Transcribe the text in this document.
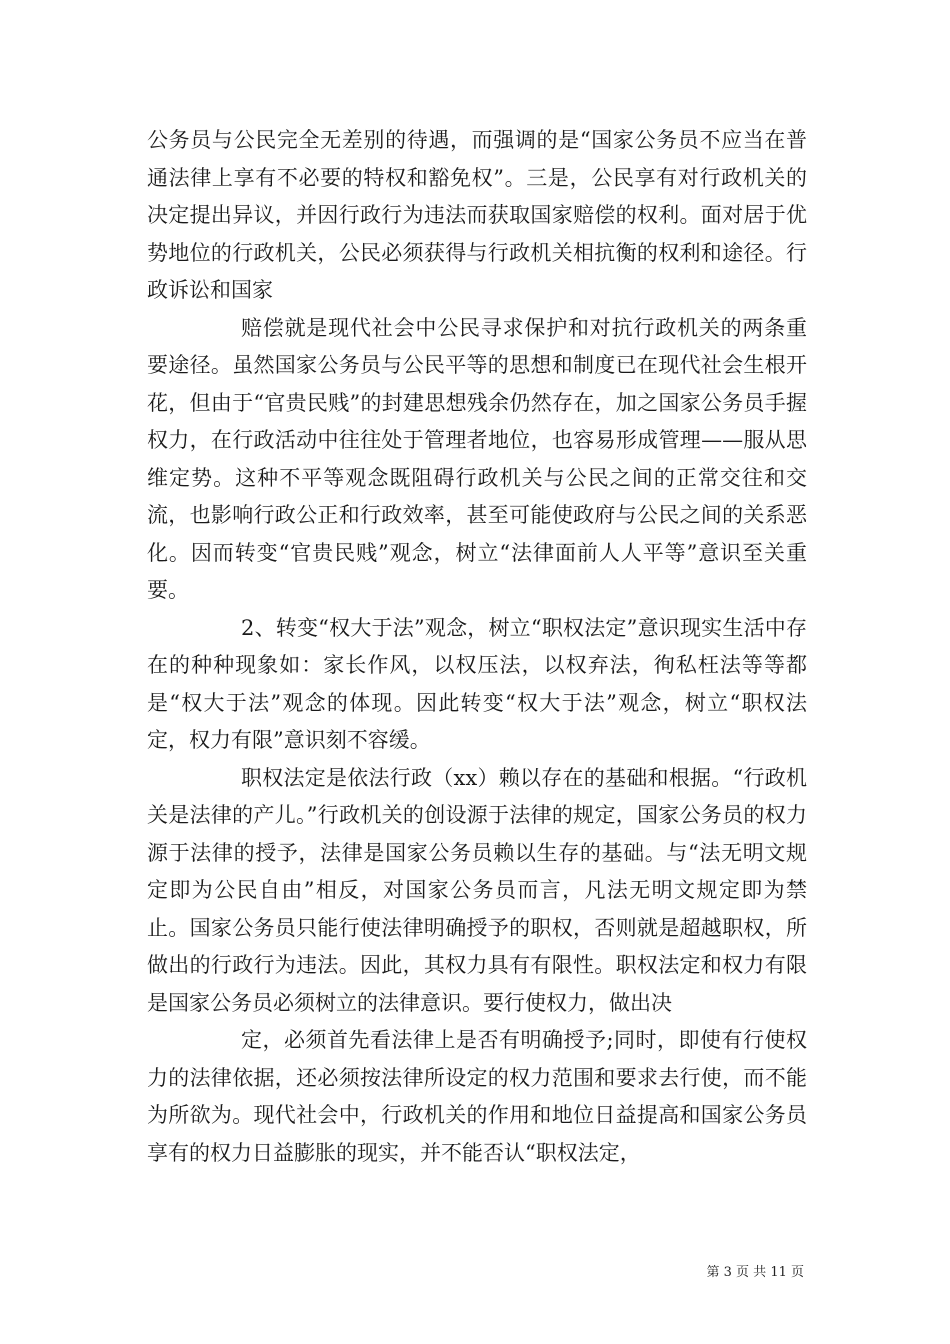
公务员与公民完全无差别的待遇，而强调的是“国家公务员不应当在普通法律上享有不必要的特权和豁免权”。三是，公民享有对行政机关的决定提出异议，并因行政行为违法而获取国家赔偿的权利。面对居于优势地位的行政机关，公民必须获得与行政机关相抗衡的权利和途径。行政诉讼和国家

赔偿就是现代社会中公民寻求保护和对抗行政机关的两条重要途径。虽然国家公务员与公民平等的思想和制度已在现代社会生根开花，但由于“官贵民贱”的封建思想残余仍然存在，加之国家公务员手握权力，在行政活动中往往处于管理者地位，也容易形成管理——服从思维定势。这种不平等观念既阻碍行政机关与公民之间的正常交往和交流，也影响行政公正和行政效率，甚至可能使政府与公民之间的关系恶化。因而转变“官贵民贱”观念，树立“法律面前人人平等”意识至关重要。

2、转变“权大于法”观念，树立“职权法定”意识现实生活中存在的种种现象如：家长作风，以权压法，以权弃法，徇私枉法等等都是“权大于法”观念的体现。因此转变“权大于法”观念，树立“职权法定，权力有限”意识刻不容缓。

职权法定是依法行政（xx）赖以存在的基础和根据。“行政机关是法律的产儿。”行政机关的创设源于法律的规定，国家公务员的权力源于法律的授予，法律是国家公务员赖以生存的基础。与“法无明文规定即为公民自由”相反，对国家公务员而言，凡法无明文规定即为禁止。国家公务员只能行使法律明确授予的职权，否则就是超越职权，所做出的行政行为违法。因此，其权力具有有限性。职权法定和权力有限是国家公务员必须树立的法律意识。要行使权力，做出决

定，必须首先看法律上是否有明确授予;同时，即使有行使权力的法律依据，还必须按法律所设定的权力范围和要求去行使，而不能为所欲为。现代社会中，行政机关的作用和地位日益提高和国家公务员享有的权力日益膨胀的现实，并不能否认“职权法定，

第 3 页 共 11 页
